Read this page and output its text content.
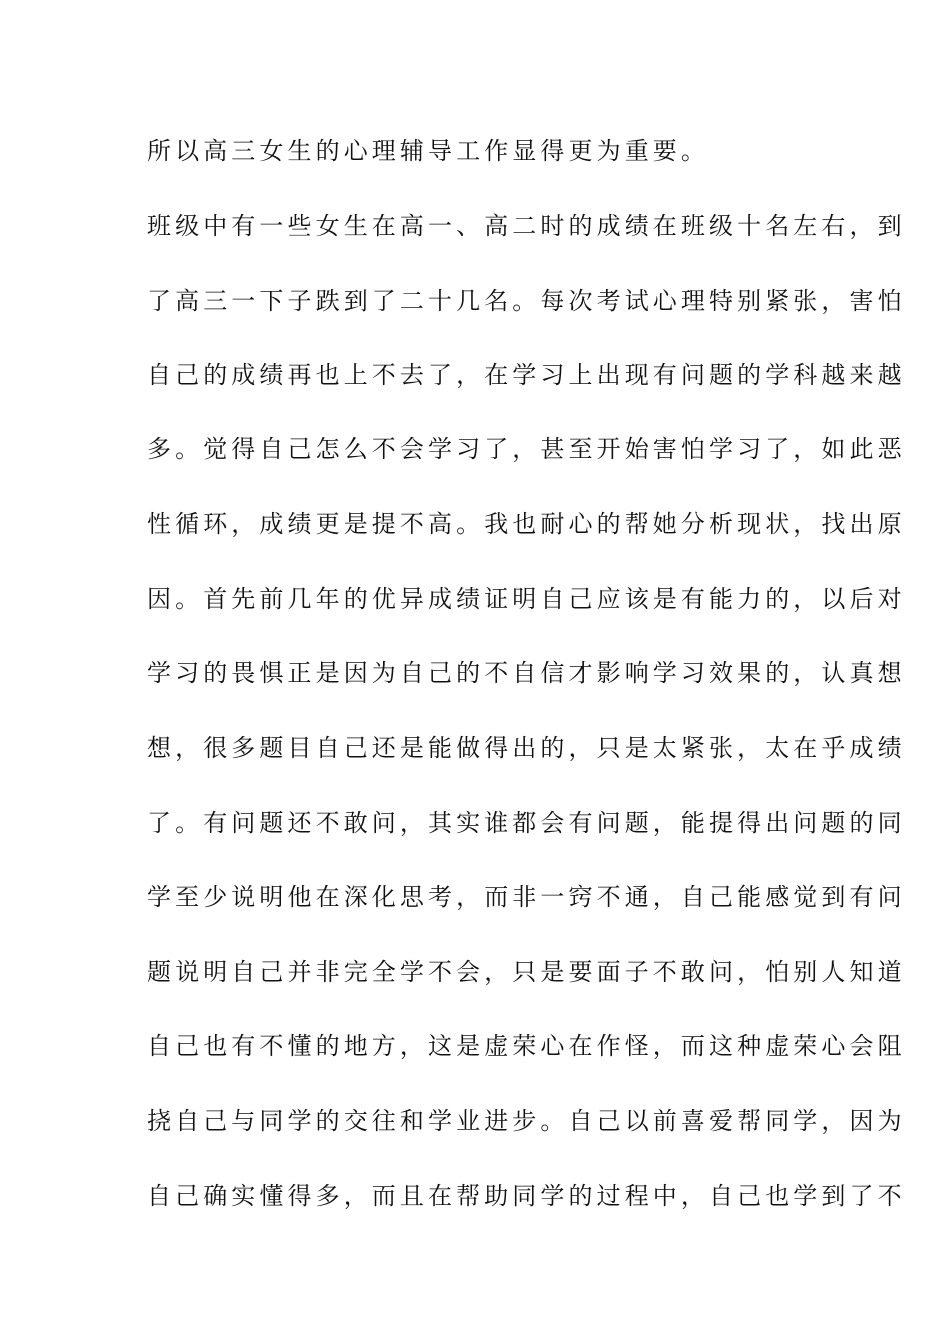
所以高三女生的心理辅导工作显得更为重要。
班级中有一些女生在高一、高二时的成绩在班级十名左右，到
了高三一下子跌到了二十几名。每次考试心理特别紧张，害怕
自己的成绩再也上不去了，在学习上出现有问题的学科越来越
多。觉得自己怎么不会学习了，甚至开始害怕学习了，如此恶
性循环，成绩更是提不高。我也耐心的帮她分析现状，找出原
因。首先前几年的优异成绩证明自己应该是有能力的，以后对
学习的畏惧正是因为自己的不自信才影响学习效果的，认真想
想，很多题目自己还是能做得出的，只是太紧张，太在乎成绩
了。有问题还不敢问，其实谁都会有问题，能提得出问题的同
学至少说明他在深化思考，而非一窍不通，自己能感觉到有问
题说明自己并非完全学不会，只是要面子不敢问，怕别人知道
自己也有不懂的地方，这是虚荣心在作怪，而这种虚荣心会阻
挠自己与同学的交往和学业进步。自己以前喜爱帮同学，因为
自己确实懂得多，而且在帮助同学的过程中，自己也学到了不
